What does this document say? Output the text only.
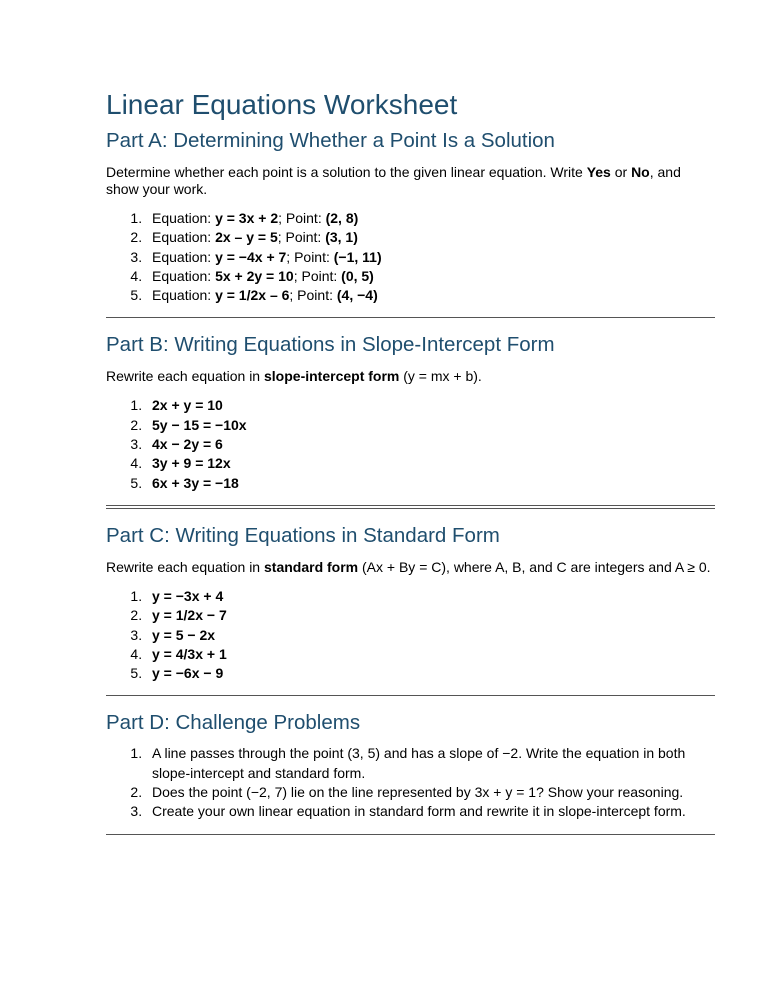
Linear Equations Worksheet
Part A: Determining Whether a Point Is a Solution

Determine whether each point is a solution to the given linear equation. Write Yes or No, and show your work.

1. Equation: y = 3x + 2; Point: (2, 8)
2. Equation: 2x – y = 5; Point: (3, 1)
3. Equation: y = −4x + 7; Point: (−1, 11)
4. Equation: 5x + 2y = 10; Point: (0, 5)
5. Equation: y = 1/2x – 6; Point: (4, −4)
Part B: Writing Equations in Slope-Intercept Form

Rewrite each equation in slope-intercept form (y = mx + b).

1. 2x + y = 10
2. 5y − 15 = −10x
3. 4x − 2y = 6
4. 3y + 9 = 12x
5. 6x + 3y = −18
Part C: Writing Equations in Standard Form

Rewrite each equation in standard form (Ax + By = C), where A, B, and C are integers and A ≥ 0.

1. y = −3x + 4
2. y = 1/2x − 7
3. y = 5 − 2x
4. y = 4/3x + 1
5. y = −6x − 9
Part D: Challenge Problems
1. A line passes through the point (3, 5) and has a slope of −2. Write the equation in both slope-intercept and standard form.
2. Does the point (−2, 7) lie on the line represented by 3x + y = 1? Show your reasoning.
3. Create your own linear equation in standard form and rewrite it in slope-intercept form.
